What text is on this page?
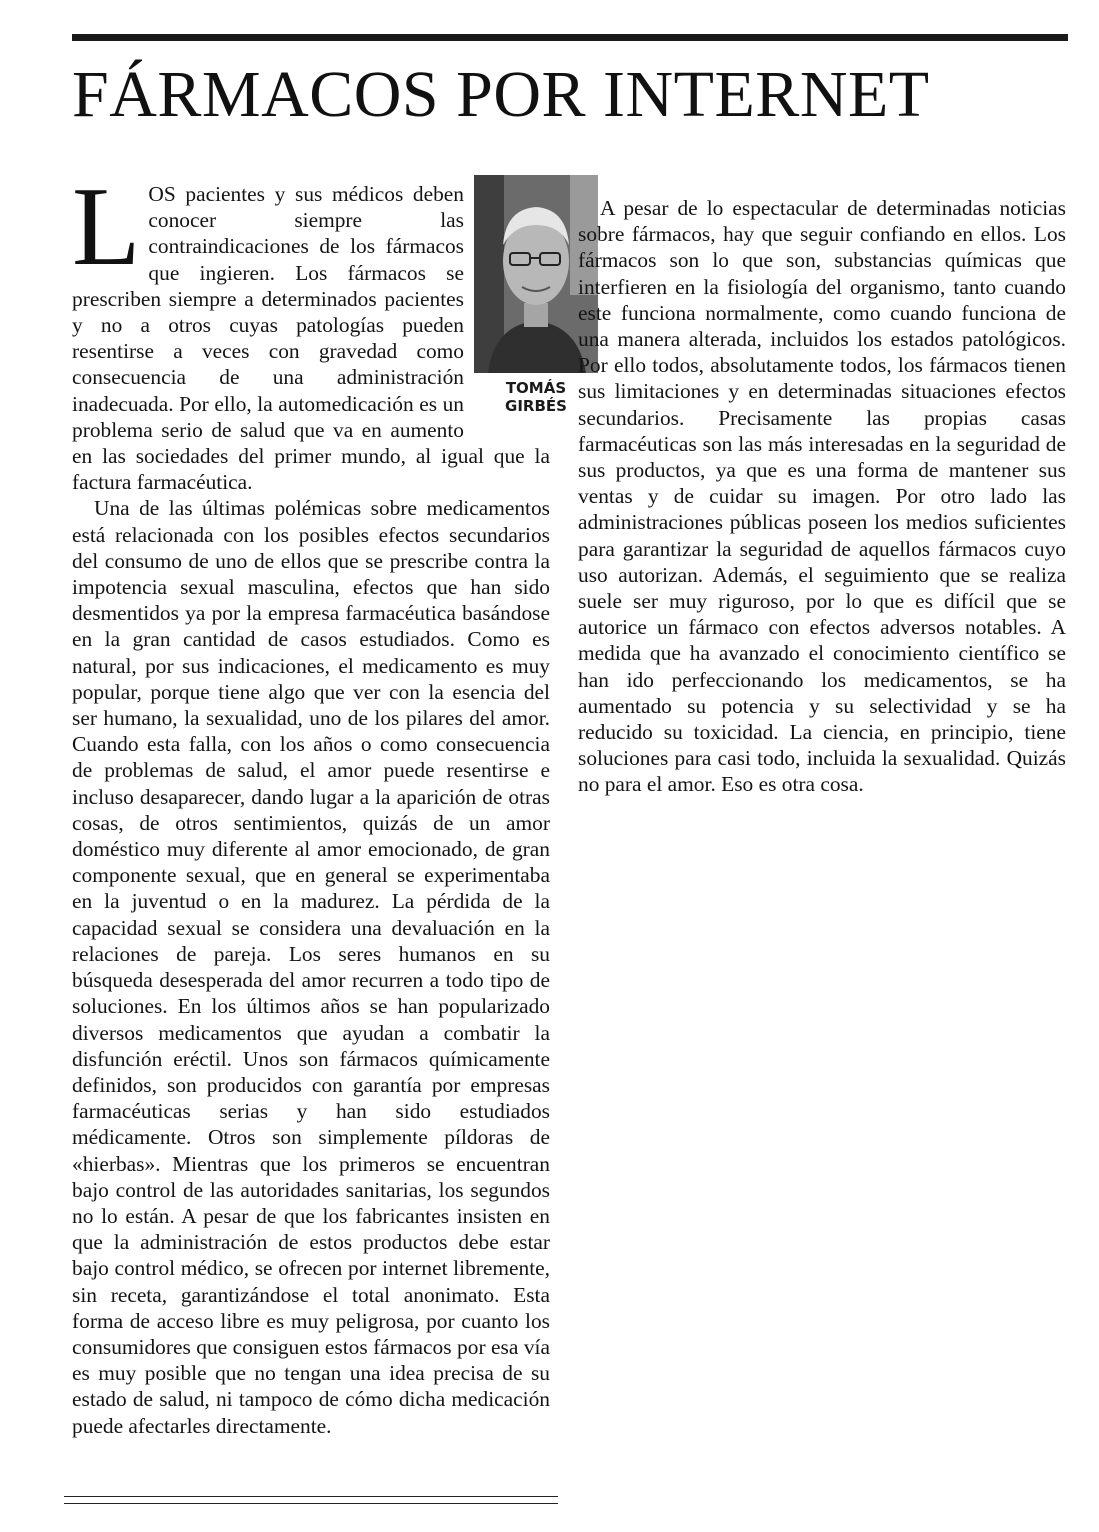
FÁRMACOS POR INTERNET
TOMÁS
GIRBÉS

LOS pacientes y sus médicos deben conocer siempre las contraindicaciones de los fármacos que ingieren. Los fármacos se prescriben siempre a determinados pacientes y no a otros cuyas patologías pueden resentirse a veces con gravedad como consecuencia de una administración inadecuada. Por ello, la automedicación es un problema serio de salud que va en aumento en las sociedades del primer mundo, al igual que la factura farmacéutica.

Una de las últimas polémicas sobre medicamentos está relacionada con los posibles efectos secundarios del consumo de uno de ellos que se prescribe contra la impotencia sexual masculina, efectos que han sido desmentidos ya por la empresa farmacéutica basándose en la gran cantidad de casos estudiados. Como es natural, por sus indicaciones, el medicamento es muy popular, porque tiene algo que ver con la esencia del ser humano, la sexualidad, uno de los pilares del amor. Cuando esta falla, con los años o como consecuencia de problemas de salud, el amor puede resentirse e incluso desaparecer, dando lugar a la aparición de otras cosas, de otros sentimientos, quizás de un amor doméstico muy diferente al amor emocionado, de gran componente sexual, que en general se experimentaba en la juventud o en la madurez. La pérdida de la capacidad sexual se considera una devaluación en la relaciones de pareja. Los seres humanos en su búsqueda desesperada del amor recurren a todo tipo de soluciones. En los últimos años se han popularizado diversos medicamentos que ayudan a combatir la disfunción eréctil. Unos son fármacos químicamente definidos, son producidos con garantía por empresas farmacéuticas serias y han sido estudiados médicamente. Otros son simplemente píldoras de «hierbas». Mientras que los primeros se encuentran bajo control de las autoridades sanitarias, los segundos no lo están. A pesar de que los fabricantes insisten en que la administración de estos productos debe estar bajo control médico, se ofrecen por internet libremente, sin receta, garantizándose el total anonimato. Esta forma de acceso libre es muy peligrosa, por cuanto los consumidores que consiguen estos fármacos por esa vía es muy posible que no tengan una idea precisa de su estado de salud, ni tampoco de cómo dicha medicación puede afectarles directamente.

A pesar de lo espectacular de determinadas noticias sobre fármacos, hay que seguir confiando en ellos. Los fármacos son lo que son, substancias químicas que interfieren en la fisiología del organismo, tanto cuando este funciona normalmente, como cuando funciona de una manera alterada, incluidos los estados patológicos. Por ello todos, absolutamente todos, los fármacos tienen sus limitaciones y en determinadas situaciones efectos secundarios. Precisamente las propias casas farmacéuticas son las más interesadas en la seguridad de sus productos, ya que es una forma de mantener sus ventas y de cuidar su imagen. Por otro lado las administraciones públicas poseen los medios suficientes para garantizar la seguridad de aquellos fármacos cuyo uso autorizan. Además, el seguimiento que se realiza suele ser muy riguroso, por lo que es difícil que se autorice un fármaco con efectos adversos notables. A medida que ha avanzado el conocimiento científico se han ido perfeccionando los medicamentos, se ha aumentado su potencia y su selectividad y se ha reducido su toxicidad. La ciencia, en principio, tiene soluciones para casi todo, incluida la sexualidad. Quizás no para el amor. Eso es otra cosa.
